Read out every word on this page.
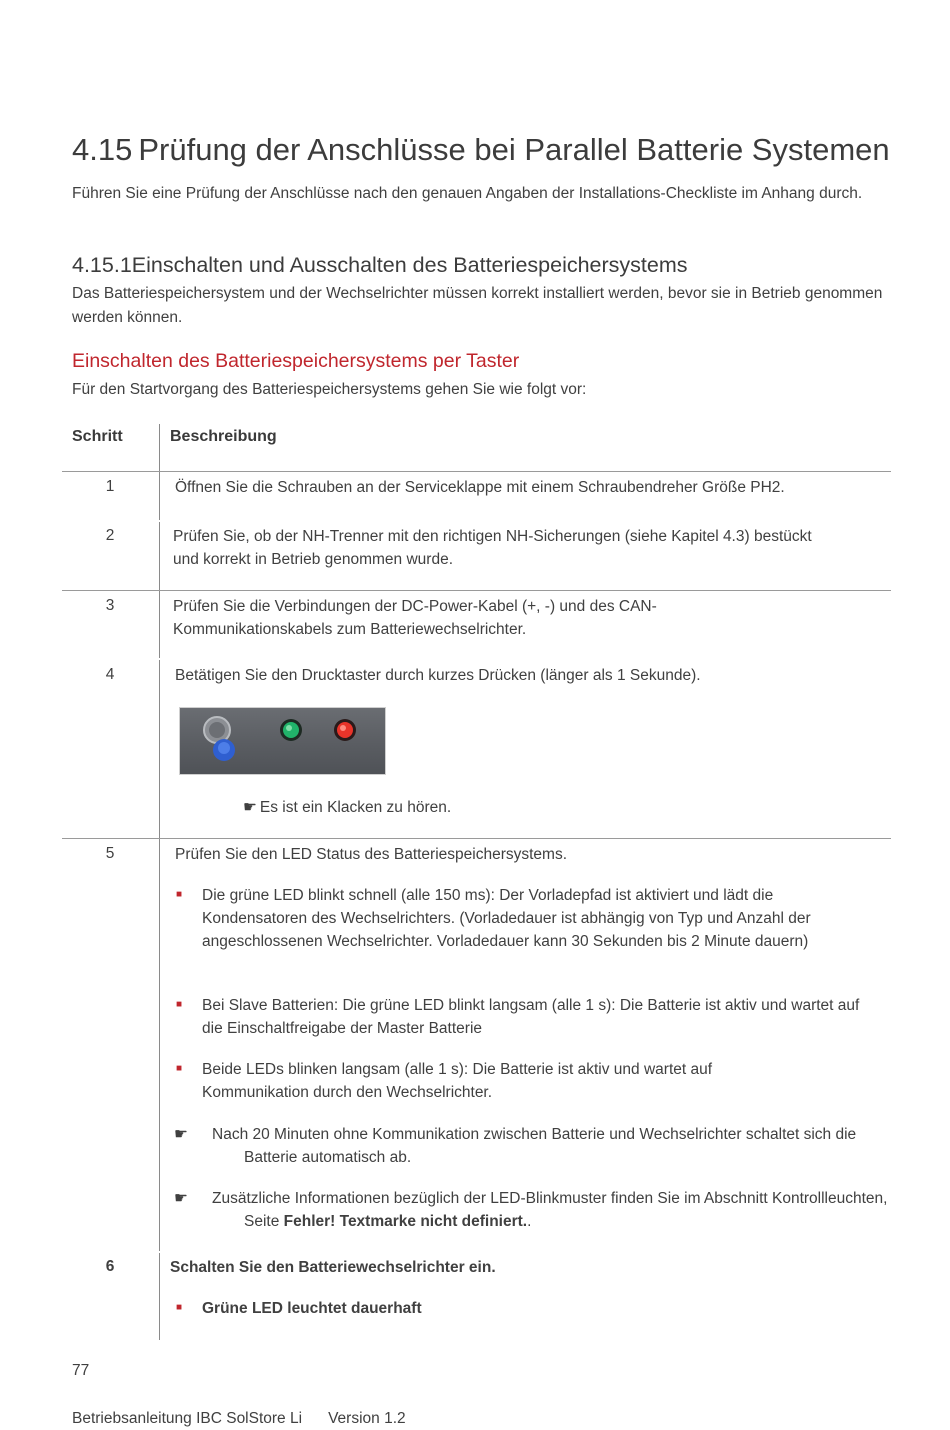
4.15 Prüfung der Anschlüsse bei Parallel Batterie Systemen
Führen Sie eine Prüfung der Anschlüsse nach den genauen Angaben der Installations-Checkliste im Anhang durch.
4.15.1Einschalten und Ausschalten des Batteriespeichersystems
Das Batteriespeichersystem und der Wechselrichter müssen korrekt installiert werden, bevor sie in Betrieb genommen werden können.
Einschalten des Batteriespeichersystems per Taster
Für den Startvorgang des Batteriespeichersystems gehen Sie wie folgt vor:
Schritt	Beschreibung
1	Öffnen Sie die Schrauben an der Serviceklappe mit einem Schraubendreher Größe PH2.
2	Prüfen Sie, ob der NH-Trenner mit den richtigen NH-Sicherungen (siehe Kapitel 4.3) bestückt und korrekt in Betrieb genommen wurde.
3	Prüfen Sie die Verbindungen der DC-Power-Kabel (+, -) und des CAN-Kommunikationskabels zum Batteriewechselrichter.
4	Betätigen Sie den Drucktaster durch kurzes Drücken (länger als 1 Sekunde).
☛ Es ist ein Klacken zu hören.
5	Prüfen Sie den LED Status des Batteriespeichersystems.
■ Die grüne LED blinkt schnell (alle 150 ms): Der Vorladepfad ist aktiviert und lädt die Kondensatoren des Wechselrichters. (Vorladedauer ist abhängig von Typ und Anzahl der angeschlossenen Wechselrichter. Vorladedauer kann 30 Sekunden bis 2 Minute dauern)
■ Bei Slave Batterien: Die grüne LED blinkt langsam (alle 1 s): Die Batterie ist aktiv und wartet auf die Einschaltfreigabe der Master Batterie
■ Beide LEDs blinken langsam (alle 1 s): Die Batterie ist aktiv und wartet auf Kommunikation durch den Wechselrichter.
☛ Nach 20 Minuten ohne Kommunikation zwischen Batterie und Wechselrichter schaltet sich die Batterie automatisch ab.
☛ Zusätzliche Informationen bezüglich der LED-Blinkmuster finden Sie im Abschnitt Kontrollleuchten, Seite Fehler! Textmarke nicht definiert..
6	Schalten Sie den Batteriewechselrichter ein.
■ Grüne LED leuchtet dauerhaft
77
Betriebsanleitung IBC SolStore Li Version 1.2
